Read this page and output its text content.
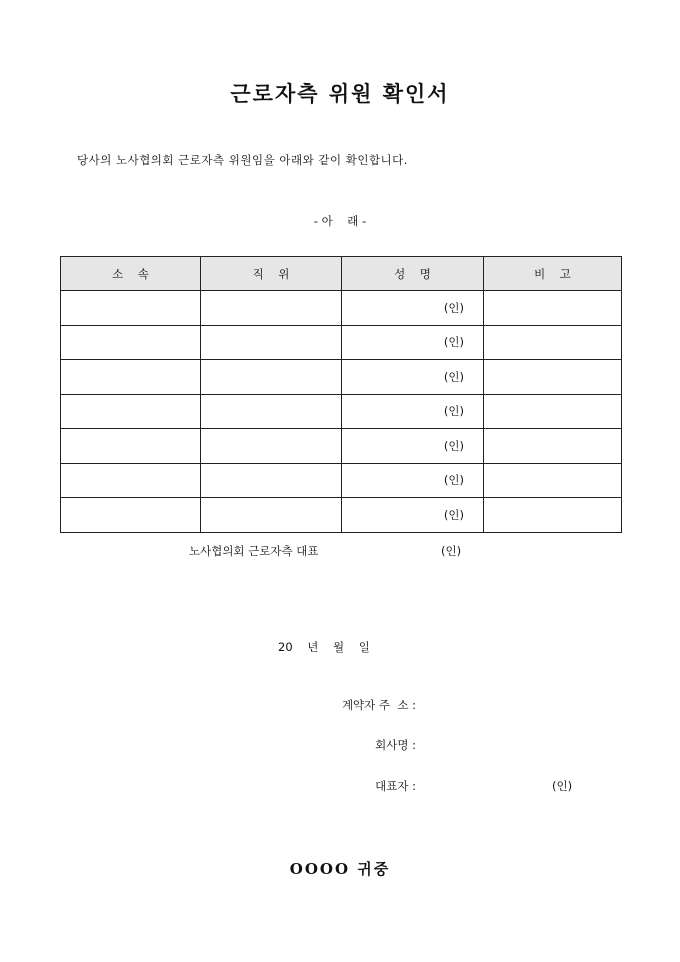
근로자측 위원 확인서
당사의 노사협의회 근로자측 위원임을 아래와 같이 확인합니다.
- 아    래 -
소    속	직    위	성    명	비    고
		(인)	
		(인)	
		(인)	
		(인)	
		(인)	
		(인)	
		(인)	
노사협의회 근로자측 대표	(인)
20    년    월    일
계약자 주  소 :
회사명 :
대표자 :	(인)
OOOO 귀중
